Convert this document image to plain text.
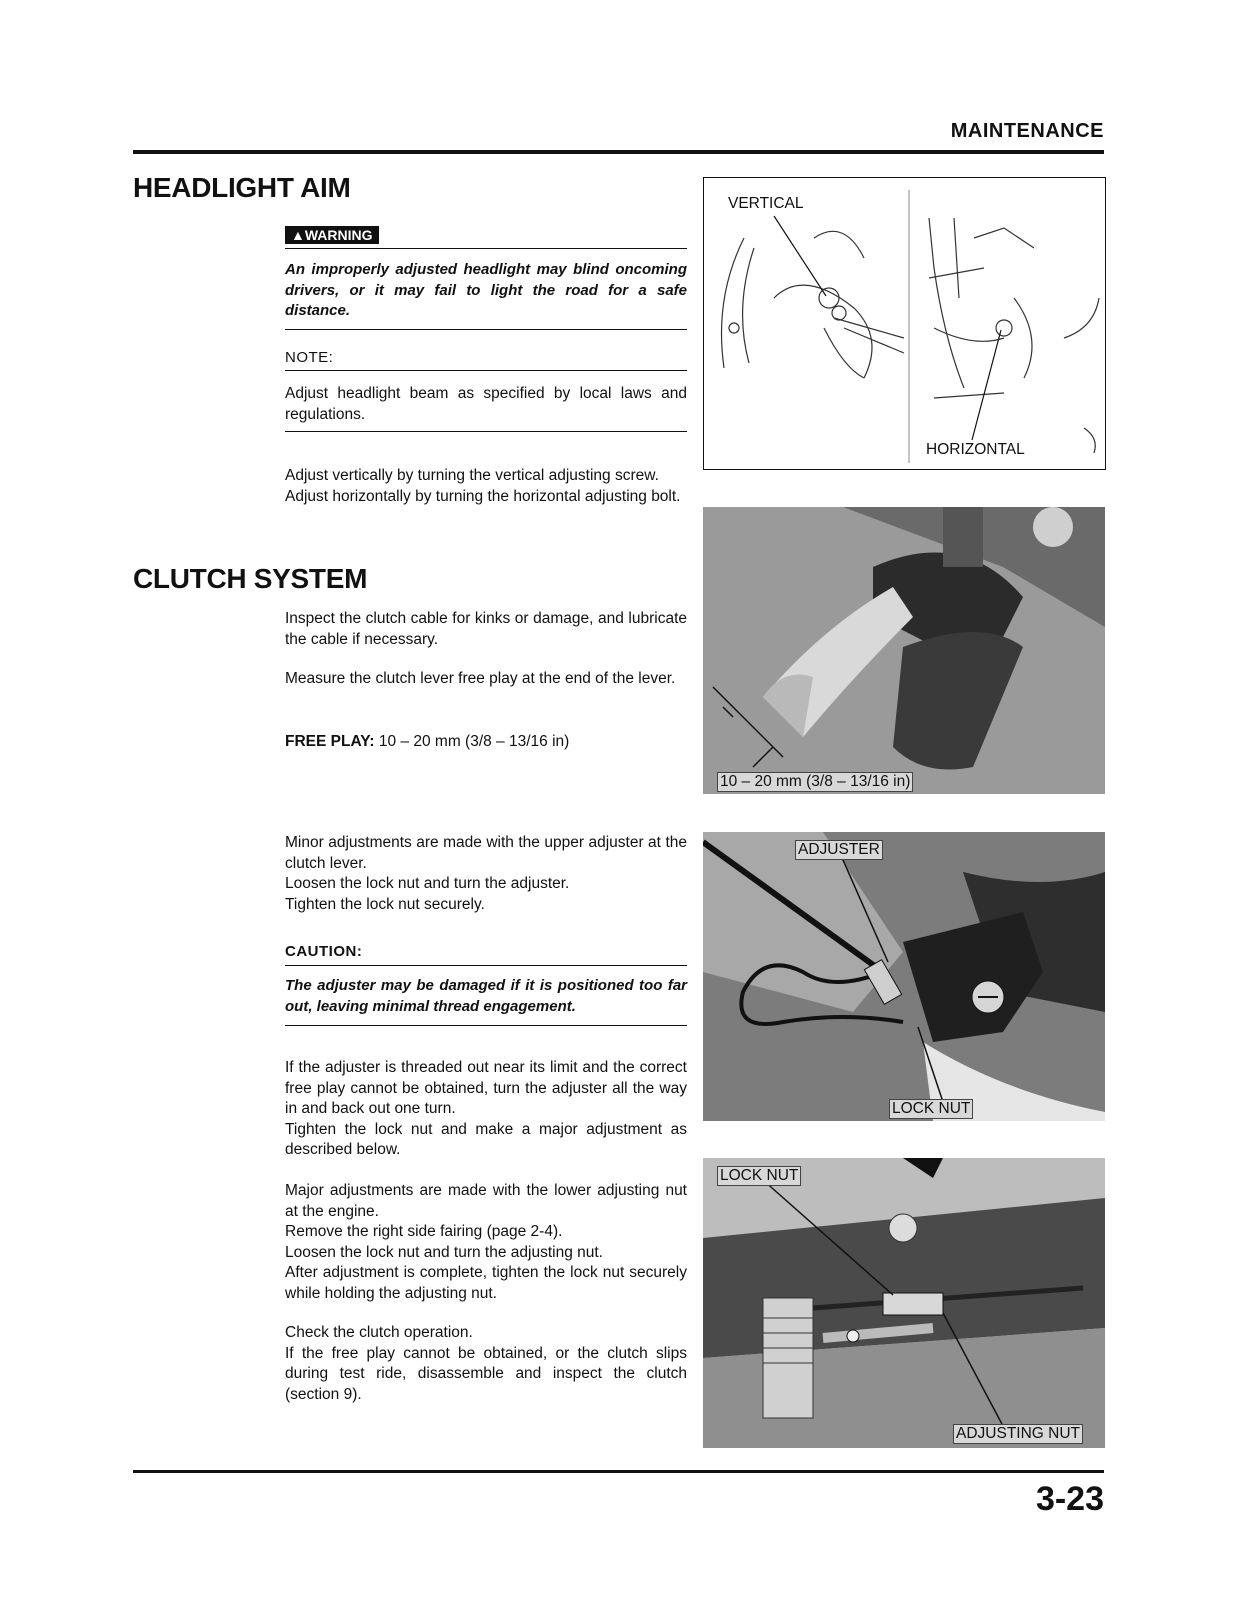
MAINTENANCE
HEADLIGHT AIM
▲WARNING
An improperly adjusted headlight may blind oncoming drivers, or it may fail to light the road for a safe distance.
NOTE:
Adjust headlight beam as specified by local laws and regulations.

Adjust vertically by turning the vertical adjusting screw.

Adjust horizontally by turning the horizontal adjusting bolt.

VERTICAL
HORIZONTAL
CLUTCH SYSTEM
Inspect the clutch cable for kinks or damage, and lubricate the cable if necessary.
Measure the clutch lever free play at the end of the lever.
FREE PLAY: 10 – 20 mm (3/8 – 13/16 in)
10 – 20 mm (3/8 – 13/16 in)

Minor adjustments are made with the upper adjuster at the clutch lever.

Loosen the lock nut and turn the adjuster.

Tighten the lock nut securely.

CAUTION:
The adjuster may be damaged if it is positioned too far out, leaving minimal thread engagement.

If the adjuster is threaded out near its limit and the correct free play cannot be obtained, turn the adjuster all the way in and back out one turn.

Tighten the lock nut and make a major adjustment as described below.

ADJUSTER
LOCK NUT

Major adjustments are made with the lower adjusting nut at the engine.

Remove the right side fairing (page 2-4).

Loosen the lock nut and turn the adjusting nut.

After adjustment is complete, tighten the lock nut securely while holding the adjusting nut.

Check the clutch operation.

If the free play cannot be obtained, or the clutch slips during test ride, disassemble and inspect the clutch (section 9).

LOCK NUT
ADJUSTING NUT
3-23
